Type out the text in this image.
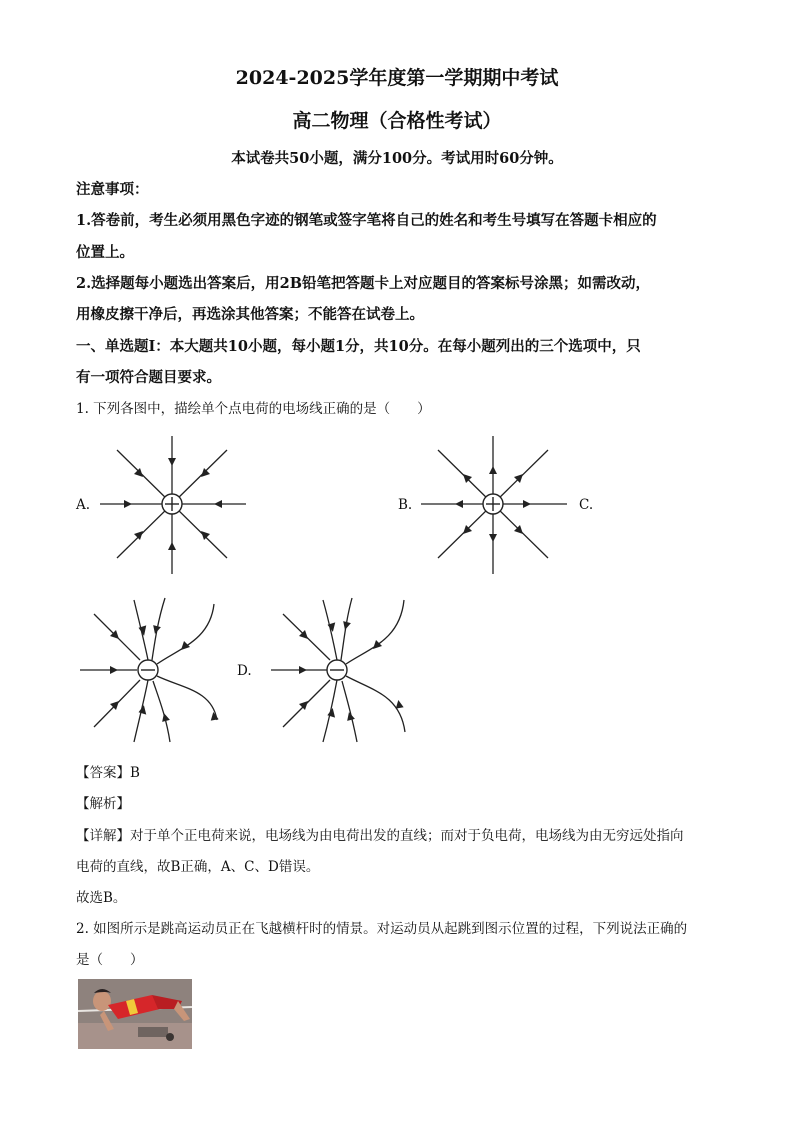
2024-2025学年度第一学期期中考试
高二物理（合格性考试）
本试卷共50小题，满分100分。考试用时60分钟。
注意事项：
1.答卷前，考生必须用黑色字迹的钢笔或签字笔将自己的姓名和考生号填写在答题卡相应的
位置上。
2.选择题每小题选出答案后，用2B铅笔把答题卡上对应题目的答案标号涂黑；如需改动，
用橡皮擦干净后，再选涂其他答案；不能答在试卷上。
一、单选题Ⅰ：本大题共10小题，每小题1分，共10分。在每小题列出的三个选项中，只
有一项符合题目要求。
1. 下列各图中，描绘单个点电荷的电场线正确的是（　　）
A.	B.	C.
D.
【答案】B
【解析】
【详解】对于单个正电荷来说，电场线为由电荷出发的直线；而对于负电荷，电场线为由无穷远处指向
电荷的直线，故B正确，A、C、D错误。
故选B。
2. 如图所示是跳高运动员正在飞越横杆时的情景。对运动员从起跳到图示位置的过程，下列说法正确的
是（　　）
